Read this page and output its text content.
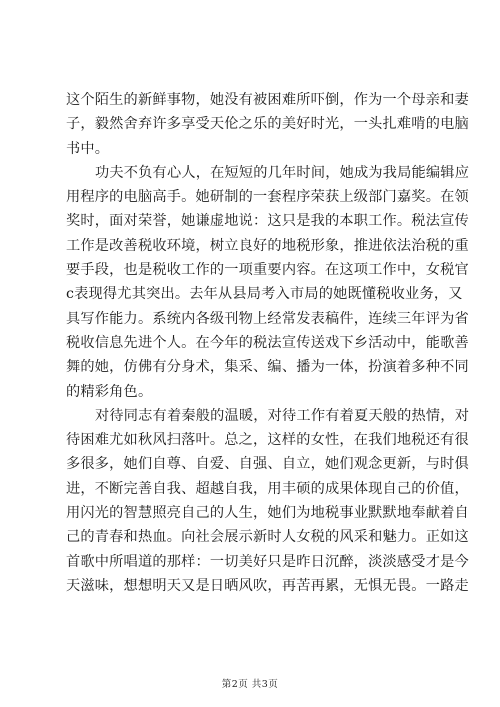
这个陌生的新鲜事物，她没有被困难所吓倒，作为一个母亲和妻
子，毅然舍弃许多享受天伦之乐的美好时光，一头扎难啃的电脑
书中。

功夫不负有心人，在短短的几年时间，她成为我局能编辑应
用程序的电脑高手。她研制的一套程序荣获上级部门嘉奖。在领
奖时，面对荣誉，她谦虚地说：这只是我的本职工作。税法宣传
工作是改善税收环境，树立良好的地税形象，推进依法治税的重
要手段，也是税收工作的一项重要内容。在这项工作中，女税官
c表现得尤其突出。去年从县局考入市局的她既懂税收业务，又
具写作能力。系统内各级刊物上经常发表稿件，连续三年评为省
税收信息先进个人。在今年的税法宣传送戏下乡活动中，能歌善
舞的她，仿佛有分身术，集采、编、播为一体，扮演着多种不同
的精彩角色。

对待同志有着秦般的温暖，对待工作有着夏天般的热情，对
待困难尤如秋风扫落叶。总之，这样的女性，在我们地税还有很
多很多，她们自尊、自爱、自强、自立，她们观念更新，与时俱
进，不断完善自我、超越自我，用丰硕的成果体现自己的价值，
用闪光的智慧照亮自己的人生，她们为地税事业默默地奉献着自
己的青春和热血。向社会展示新时人女税的风采和魅力。正如这
首歌中所唱道的那样：一切美好只是昨日沉醉，淡淡感受才是今
天滋味，想想明天又是日晒风吹，再苦再累，无惧无畏。一路走

第2页 共3页
